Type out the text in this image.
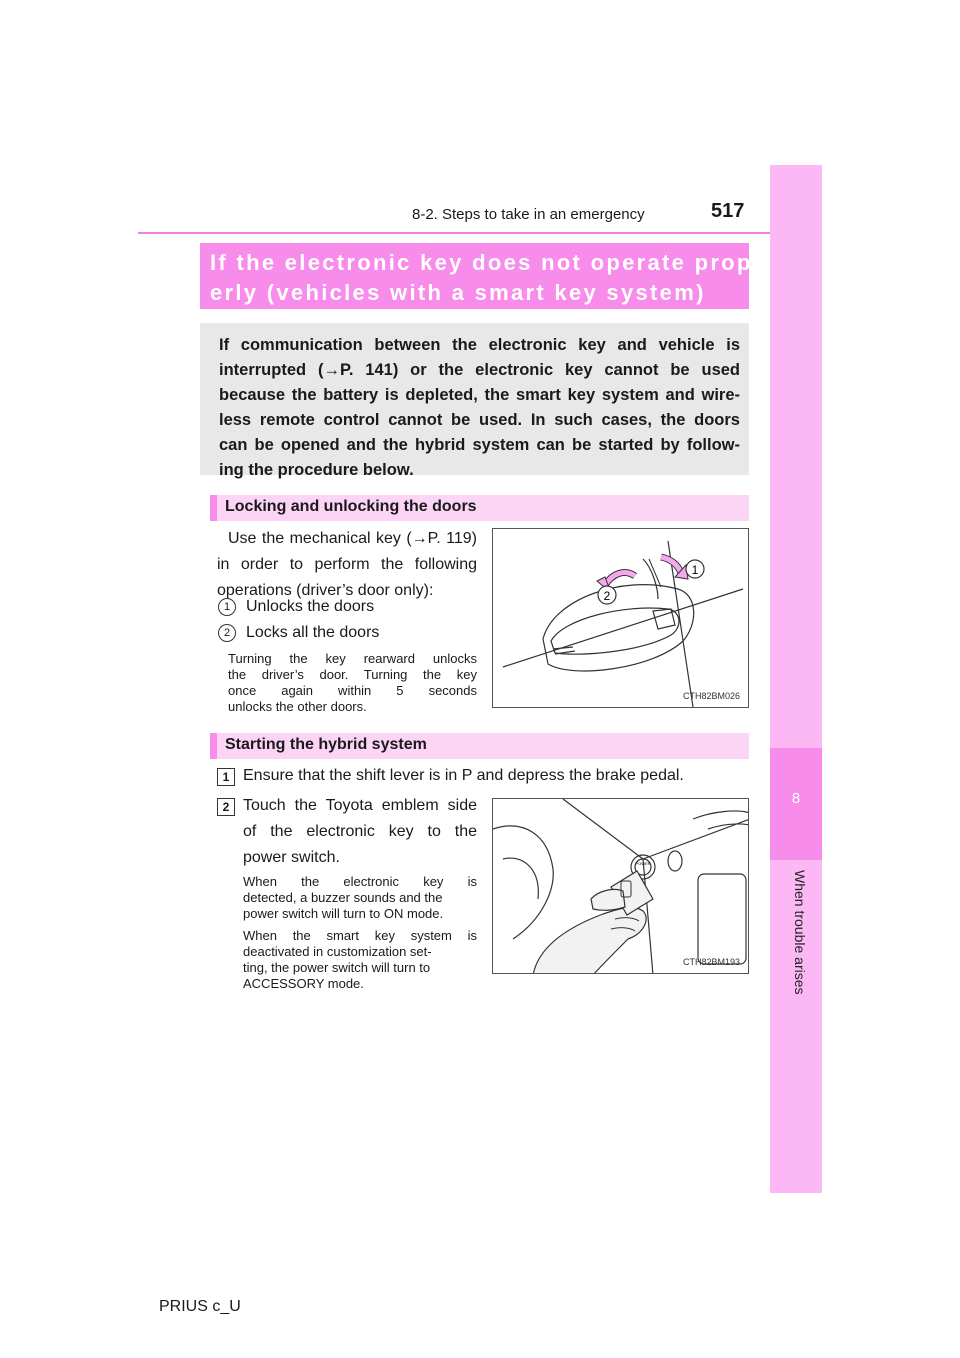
8-2. Steps to take in an emergency	517
8
When trouble arises
If the electronic key does not operate prop-
erly (vehicles with a smart key system)
If communication between the electronic key and vehicle is
interrupted (→P. 141) or the electronic key cannot be used
because the battery is depleted, the smart key system and wire-
less remote control cannot be used. In such cases, the doors
can be opened and the hybrid system can be started by follow-
ing the procedure below.
Locking and unlocking the doors
Use the mechanical key (→P. 119)
in order to perform the following
operations (driver’s door only):
1 Unlocks the doors
2 Locks all the doors
Turning the key rearward unlocks
the driver’s door. Turning the key
once again within 5 seconds
unlocks the other doors.
1
2
CTH82BM026
Starting the hybrid system
1 Ensure that the shift lever is in P and depress the brake pedal.
2 Touch the Toyota emblem side
of the electronic key to the
power switch.
When the electronic key is
detected, a buzzer sounds and the
power switch will turn to ON mode.
When the smart key system is
deactivated in customization set-
ting, the power switch will turn to
ACCESSORY mode.
POWER
CTH82BM193
PRIUS c_U
